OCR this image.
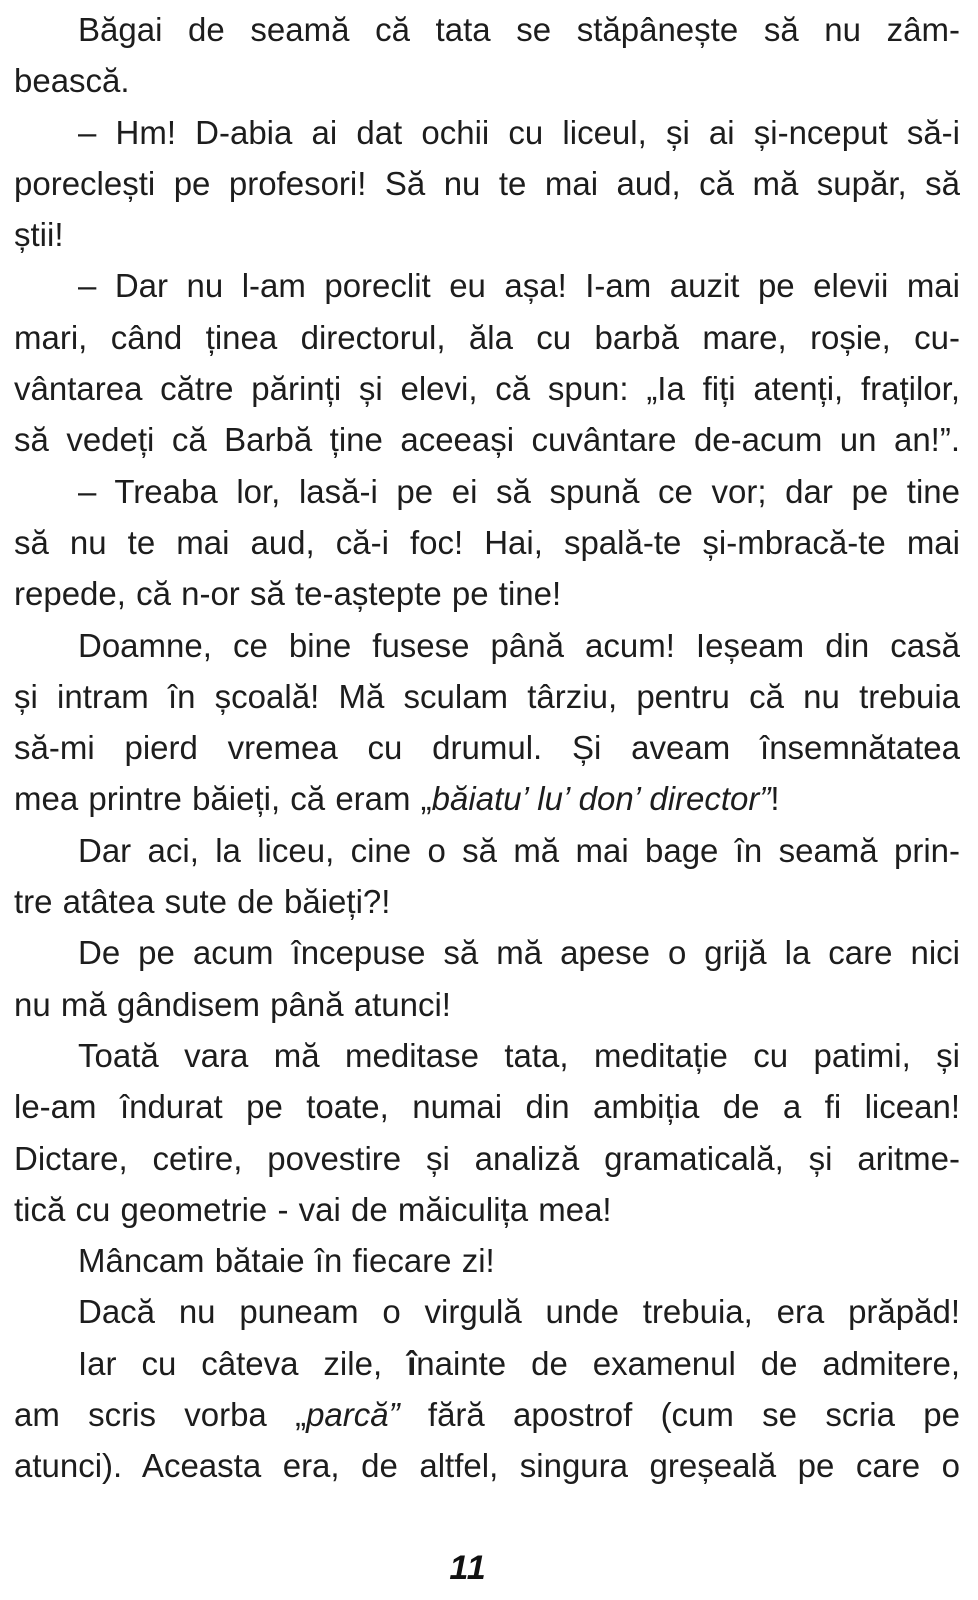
Băgai de seamă că tata se stăpânește să nu zâm-
bească.
– Hm! D-abia ai dat ochii cu liceul, și ai și-nceput să-i
poreclești pe profesori! Să nu te mai aud, că mă supăr, să
știi!
– Dar nu l-am poreclit eu așa! I-am auzit pe elevii mai
mari, când ținea directorul, ăla cu barbă mare, roșie, cu-
vântarea către părinți și elevi, că spun: „Ia fiți atenți, fraților,
să vedeți că Barbă ține aceeași cuvântare de-acum un an!”.
– Treaba lor, lasă-i pe ei să spună ce vor; dar pe tine
să nu te mai aud, că-i foc! Hai, spală-te și-mbracă-te mai
repede, că n-or să te-aștepte pe tine!
Doamne, ce bine fusese până acum! Ieșeam din casă
și intram în școală! Mă sculam târziu, pentru că nu trebuia
să-mi pierd vremea cu drumul. Și aveam însemnătatea
mea printre băieți, că eram „băiatu’ lu’ don’ director”!
Dar aci, la liceu, cine o să mă mai bage în seamă prin-
tre atâtea sute de băieți?!
De pe acum începuse să mă apese o grijă la care nici
nu mă gândisem până atunci!
Toată vara mă meditase tata, meditație cu patimi, și
le-am îndurat pe toate, numai din ambiția de a fi licean!
Dictare, cetire, povestire și analiză gramaticală, și aritme-
tică cu geometrie - vai de măiculița mea!
Mâncam bătaie în fiecare zi!
Dacă nu puneam o virgulă unde trebuia, era prăpăd!
Iar cu câteva zile, înainte de examenul de admitere,
am scris vorba „parcă” fără apostrof (cum se scria pe
atunci). Aceasta era, de altfel, singura greșeală pe care o
11
